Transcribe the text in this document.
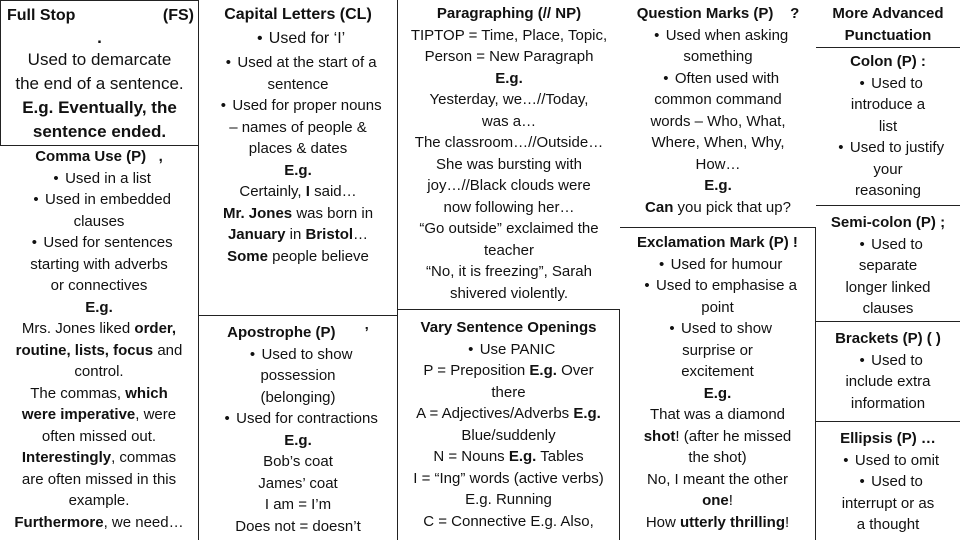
Full Stop	(FS)

.

Used to demarcate

the end of a sentence.

E.g. Eventually, the

sentence ended.

Comma Use (P) ,

• Used in a list
• Used in embedded

clauses

• Used for sentences

starting with adverbs

or connectives

E.g.

Mrs. Jones liked order,

routine, lists, focus and

control.

The commas, which

were imperative, were

often missed out.

Interestingly, commas

are often missed in this

example.

Furthermore, we need…

Capital Letters (CL)

• Used for ‘I’
• Used at the start of a

sentence

• Used for proper nouns

– names of people &

places & dates

E.g.

Certainly, I said…

Mr. Jones was born in

January in Bristol…

Some people believe

Apostrophe (P) ’

• Used to show

possession

(belonging)

• Used for contractions

E.g.

Bob’s coat

James’ coat

I am = I’m

Does not = doesn’t

Paragraphing (// NP)

TIPTOP = Time, Place, Topic,

Person = New Paragraph

E.g.

Yesterday, we…//Today,

was a…

The classroom…//Outside…

She was bursting with

joy…//Black clouds were

now following her…

“Go outside” exclaimed the

teacher

“No, it is freezing”, Sarah

shivered violently.

Vary Sentence Openings

• Use PANIC

P = Preposition E.g. Over

there

A = Adjectives/Adverbs E.g.

Blue/suddenly

N = Nouns E.g. Tables

I = “Ing” words (active verbs)

E.g. Running

C = Connective E.g. Also,

Question Marks (P) ?

• Used when asking

something

• Often used with

common command

words – Who, What,

Where, When, Why,

How…

E.g.

Can you pick that up?

Exclamation Mark (P) !

• Used for humour
• Used to emphasise a

point

• Used to show

surprise or

excitement

E.g.

That was a diamond

shot! (after he missed

the shot)

No, I meant the other

one!

How utterly thrilling!

More Advanced

Punctuation

Colon (P) :

• Used to

introduce a

list

• Used to justify

your

reasoning

Semi-colon (P) ;

• Used to

separate

longer linked

clauses

Brackets (P) ( )

• Used to

include extra

information

Ellipsis (P) …

• Used to omit
• Used to

interrupt or as

a thought
